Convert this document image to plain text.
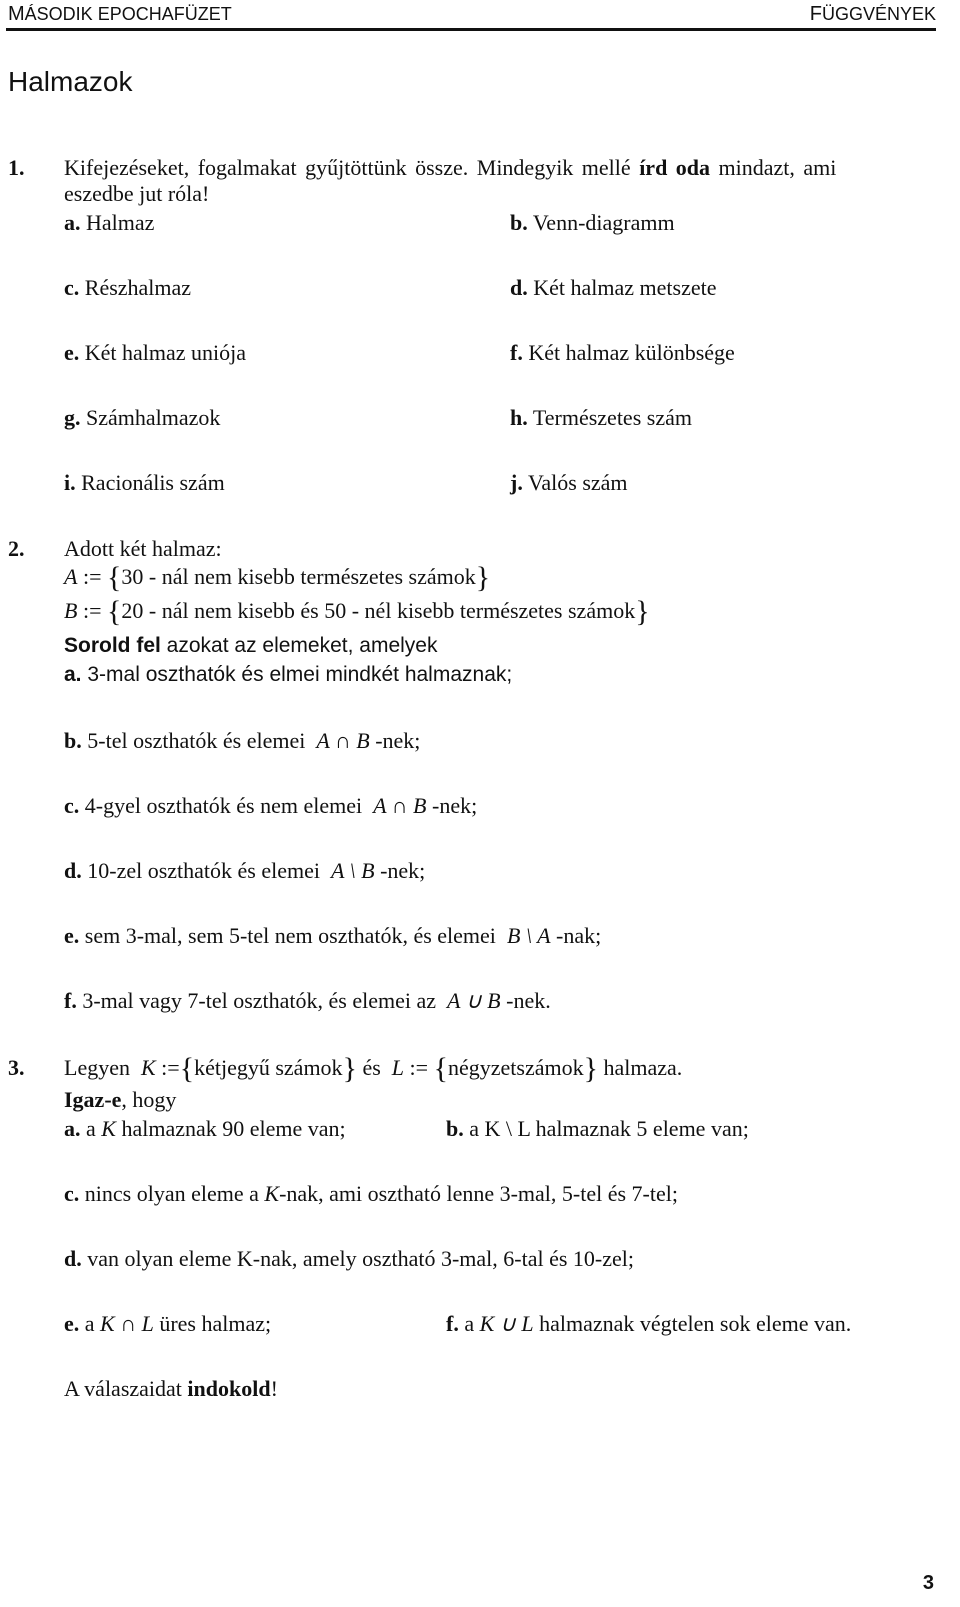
MÁSODIK EPOCHAFÜZET	FÜGGVÉNYEK
Halmazok
1. Kifejezéseket, fogalmakat gyűjtöttünk össze. Mindegyik mellé írd oda mindazt, ami
eszedbe jut róla!
a. Halmaz	b. Venn-diagramm
c. Részhalmaz	d. Két halmaz metszete
e. Két halmaz uniója	f. Két halmaz különbsége
g. Számhalmazok	h. Természetes szám
i. Racionális szám	j. Valós szám
2. Adott két halmaz:
A := {30 - nál nem kisebb természetes számok}
B := {20 - nál nem kisebb és 50 - nél kisebb természetes számok}
Sorold fel azokat az elemeket, amelyek
a. 3-mal oszthatók és elmei mindkét halmaznak;
b. 5-tel oszthatók és elemei A ∩ B -nek;
c. 4-gyel oszthatók és nem elemei A ∩ B -nek;
d. 10-zel oszthatók és elemei A \ B -nek;
e. sem 3-mal, sem 5-tel nem oszthatók, és elemei B \ A -nak;
f. 3-mal vagy 7-tel oszthatók, és elemei az A ∪ B -nek.
3. Legyen K :={kétjegyű számok} és L := {négyzetszámok} halmaza.
Igaz-e, hogy
a. a K halmaznak 90 eleme van;	b. a K \ L halmaznak 5 eleme van;
c. nincs olyan eleme a K-nak, ami osztható lenne 3-mal, 5-tel és 7-tel;
d. van olyan eleme K-nak, amely osztható 3-mal, 6-tal és 10-zel;
e. a K ∩ L üres halmaz;	f. a K ∪ L halmaznak végtelen sok eleme van.
A válaszaidat indokold!
3
